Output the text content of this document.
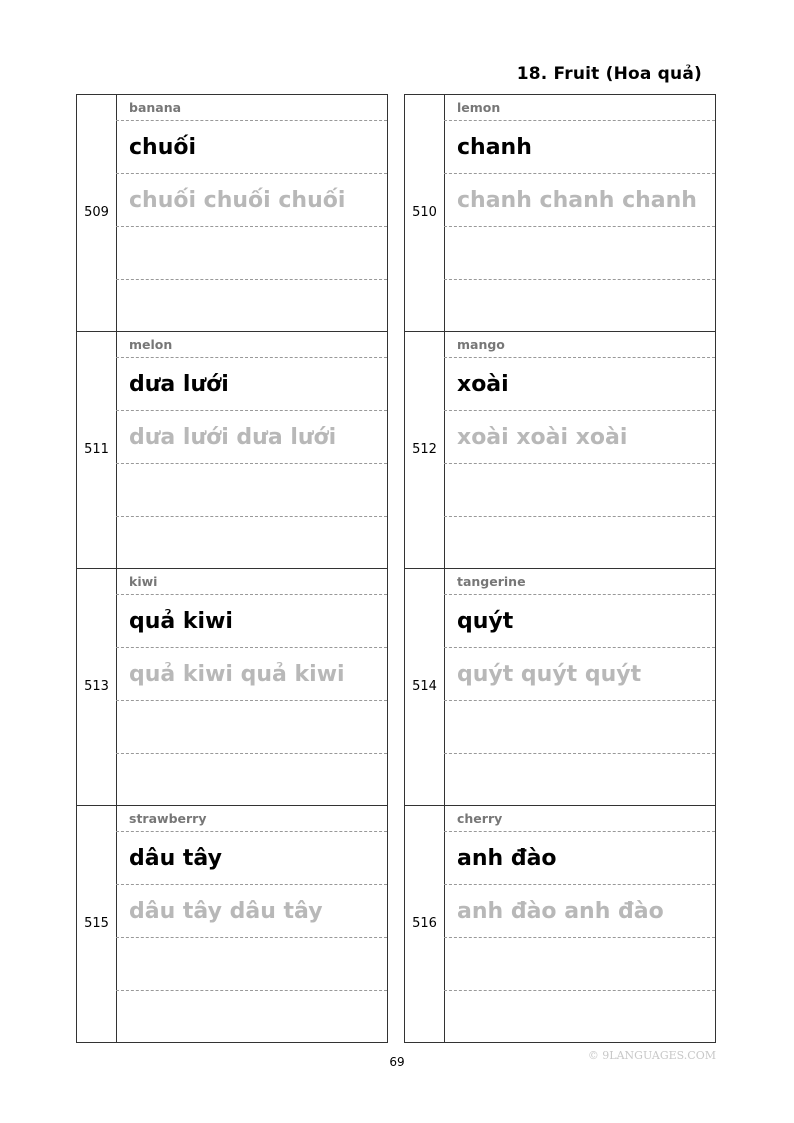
18. Fruit (Hoa quả)
509
banana
chuối
chuối chuối chuối
511
melon
dưa lưới
dưa lưới dưa lưới
513
kiwi
quả kiwi
quả kiwi quả kiwi
515
strawberry
dâu tây
dâu tây dâu tây
510
lemon
chanh
chanh chanh chanh
512
mango
xoài
xoài xoài xoài
514
tangerine
quýt
quýt quýt quýt
516
cherry
anh đào
anh đào anh đào
69	© 9LANGUAGES.COM
